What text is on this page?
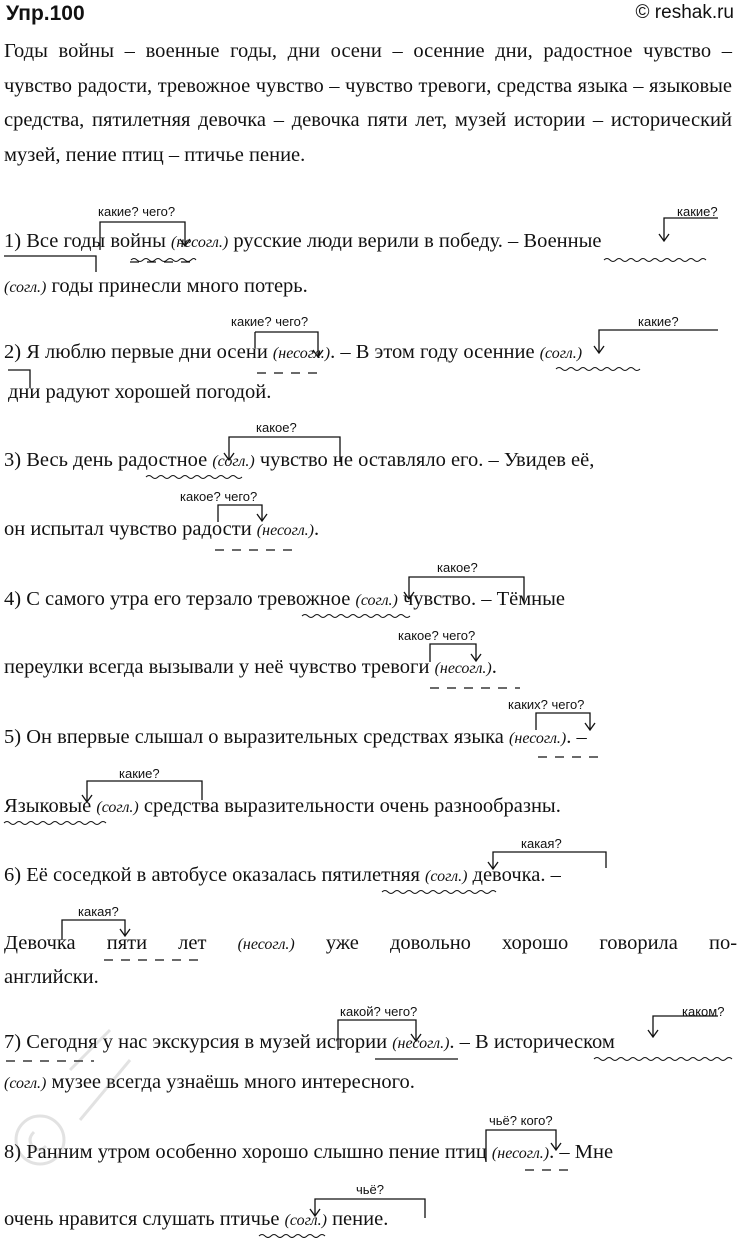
Упр.100	© reshak.ru

Годы войны – военные годы, дни осени – осенние дни, радостное чувство – чувство радости, тревожное чувство – чувство тревоги, средства языка – языковые средства, пятилетняя девочка – девочка пяти лет, музей истории – исторический музей, пение птиц – птичье пение.

какие? чего?	какие?
какие? чего?	какие?
какое?
какое? чего?
какое?
какое? чего?
каких? чего?
какие?
какая?
какая?
какой? чего?	каком?
чьё? кого?
чьё?
1) Все годы войны (несогл.) русские люди верили в победу. – Военные
(согл.) годы принесли много потерь.
2) Я люблю первые дни осени (несогл.). – В этом году осенние (согл.)
дни радуют хорошей погодой.
3) Весь день радостное (согл.) чувство не оставляло его. – Увидев её,
он испытал чувство радости (несогл.).
4) С самого утра его терзало тревожное (согл.) чувство. – Тёмные
переулки всегда вызывали у неё чувство тревоги (несогл.).
5) Он впервые слышал о выразительных средствах языка (несогл.). –
Языковые (согл.) средства выразительности очень разнообразны.
6) Её соседкой в автобусе оказалась пятилетняя (согл.) девочка. –
Девочка пяти лет (несогл.) уже довольно хорошо говорила по-
английски.
7) Сегодня у нас экскурсия в музей истории (несогл.). – В историческом
(согл.) музее всегда узнаёшь много интересного.
8) Ранним утром особенно хорошо слышно пение птиц (несогл.). – Мне
очень нравится слушать птичье (согл.) пение.
